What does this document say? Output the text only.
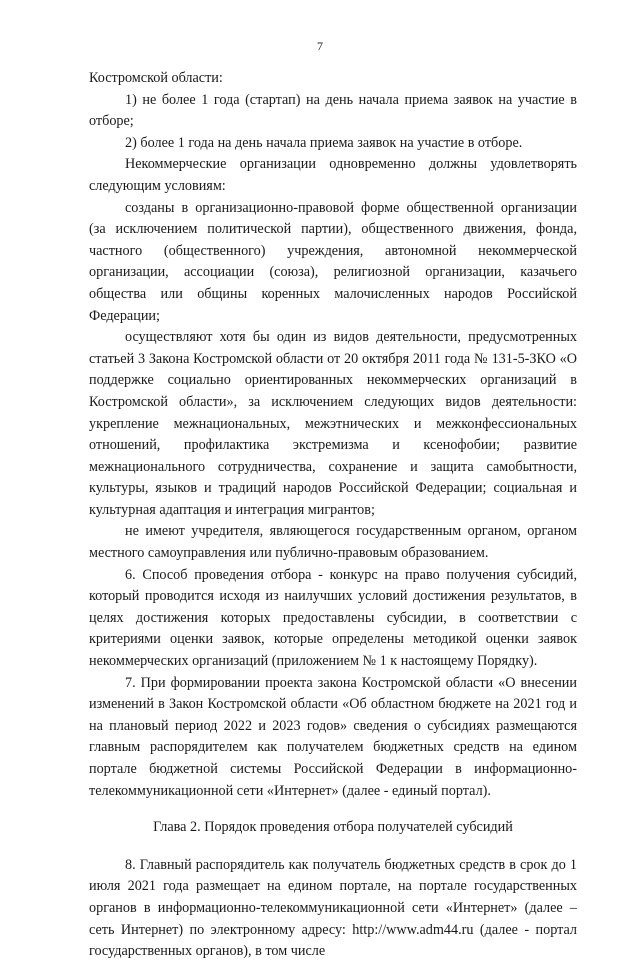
7

Костромской области:

1) не более 1 года (стартап) на день начала приема заявок на участие в отборе;

2) более 1 года на день начала приема заявок на участие в отборе.

Некоммерческие организации одновременно должны удовлетворять следующим условиям:

созданы в организационно-правовой форме общественной организации (за исключением политической партии), общественного движения, фонда, частного (общественного) учреждения, автономной некоммерческой организации, ассоциации (союза), религиозной организации, казачьего общества или общины коренных малочисленных народов Российской Федерации;

осуществляют хотя бы один из видов деятельности, предусмотренных статьей 3 Закона Костромской области от 20 октября 2011 года № 131-5-ЗКО «О поддержке социально ориентированных некоммерческих организаций в Костромской области», за исключением следующих видов деятельности: укрепление межнациональных, межэтнических и межконфессиональных отношений, профилактика экстремизма и ксенофобии; развитие межнационального сотрудничества, сохранение и защита самобытности, культуры, языков и традиций народов Российской Федерации; социальная и культурная адаптация и интеграция мигрантов;

не имеют учредителя, являющегося государственным органом, органом местного самоуправления или публично-правовым образованием.

6. Способ проведения отбора - конкурс на право получения субсидий, который проводится исходя из наилучших условий достижения результатов, в целях достижения которых предоставлены субсидии, в соответствии с критериями оценки заявок, которые определены методикой оценки заявок некоммерческих организаций (приложением № 1 к настоящему Порядку).

7. При формировании проекта закона Костромской области «О внесении изменений в Закон Костромской области «Об областном бюджете на 2021 год и на плановый период 2022 и 2023 годов» сведения о субсидиях размещаются главным распорядителем как получателем бюджетных средств на едином портале бюджетной системы Российской Федерации в информационно-телекоммуникационной сети «Интернет» (далее - единый портал).

Глава 2. Порядок проведения отбора получателей субсидий

8. Главный распорядитель как получатель бюджетных средств в срок до 1 июля 2021 года размещает на едином портале, на портале государственных органов в информационно-телекоммуникационной сети «Интернет» (далее – сеть Интернет) по электронному адресу: http://www.adm44.ru (далее - портал государственных органов), в том числе
